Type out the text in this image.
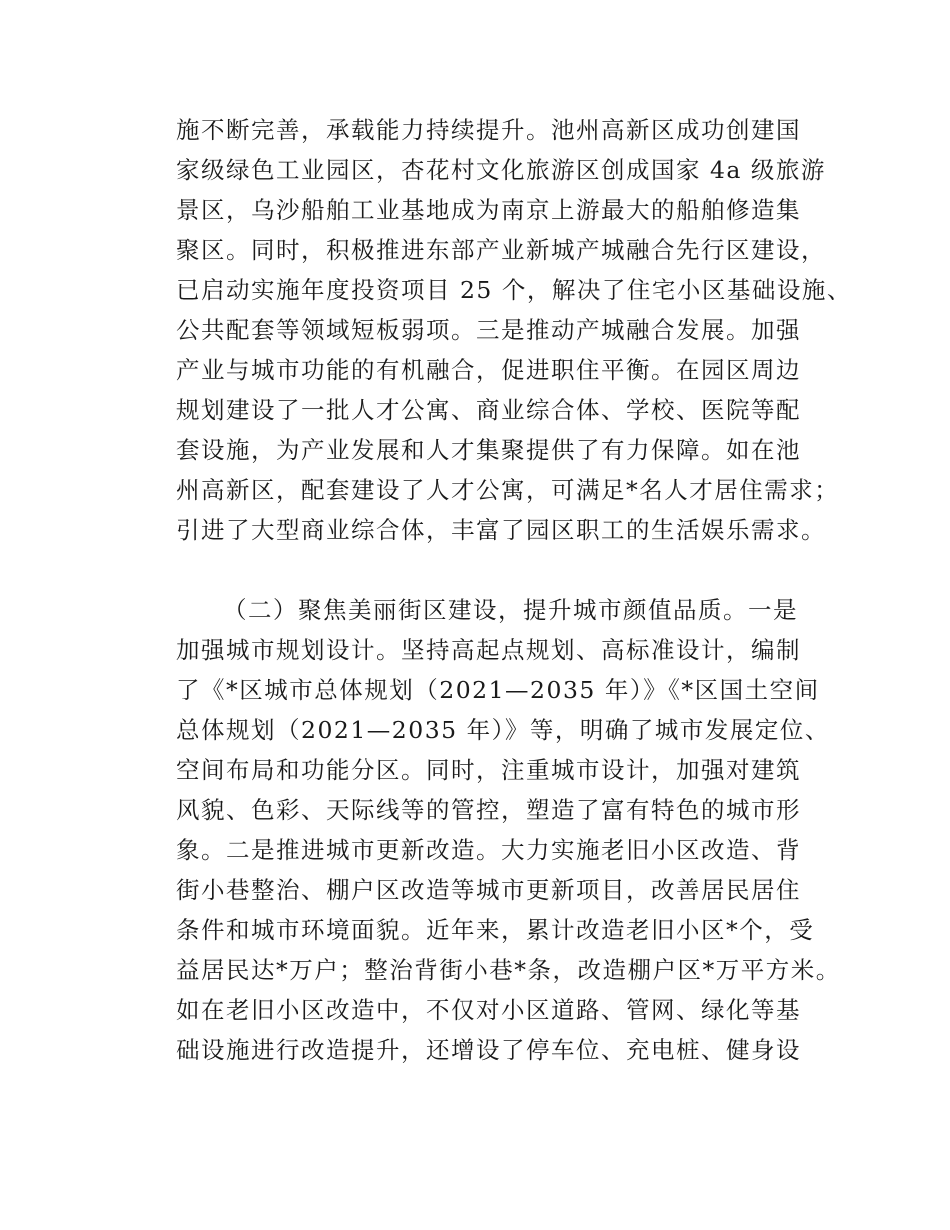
施不断完善，承载能力持续提升。池州高新区成功创建国
家级绿色工业园区，杏花村文化旅游区创成国家 4a 级旅游
景区，乌沙船舶工业基地成为南京上游最大的船舶修造集
聚区。同时，积极推进东部产业新城产城融合先行区建设，
已启动实施年度投资项目 25 个，解决了住宅小区基础设施、
公共配套等领域短板弱项。三是推动产城融合发展。加强
产业与城市功能的有机融合，促进职住平衡。在园区周边
规划建设了一批人才公寓、商业综合体、学校、医院等配
套设施，为产业发展和人才集聚提供了有力保障。如在池
州高新区，配套建设了人才公寓，可满足*名人才居住需求；
引进了大型商业综合体，丰富了园区职工的生活娱乐需求。
（二）聚焦美丽街区建设，提升城市颜值品质。一是
加强城市规划设计。坚持高起点规划、高标准设计，编制
了《*区城市总体规划（2021—2035 年）》《*区国土空间
总体规划（2021—2035 年）》等，明确了城市发展定位、
空间布局和功能分区。同时，注重城市设计，加强对建筑
风貌、色彩、天际线等的管控，塑造了富有特色的城市形
象。二是推进城市更新改造。大力实施老旧小区改造、背
街小巷整治、棚户区改造等城市更新项目，改善居民居住
条件和城市环境面貌。近年来，累计改造老旧小区*个，受
益居民达*万户；整治背街小巷*条，改造棚户区*万平方米。
如在老旧小区改造中，不仅对小区道路、管网、绿化等基
础设施进行改造提升，还增设了停车位、充电桩、健身设
